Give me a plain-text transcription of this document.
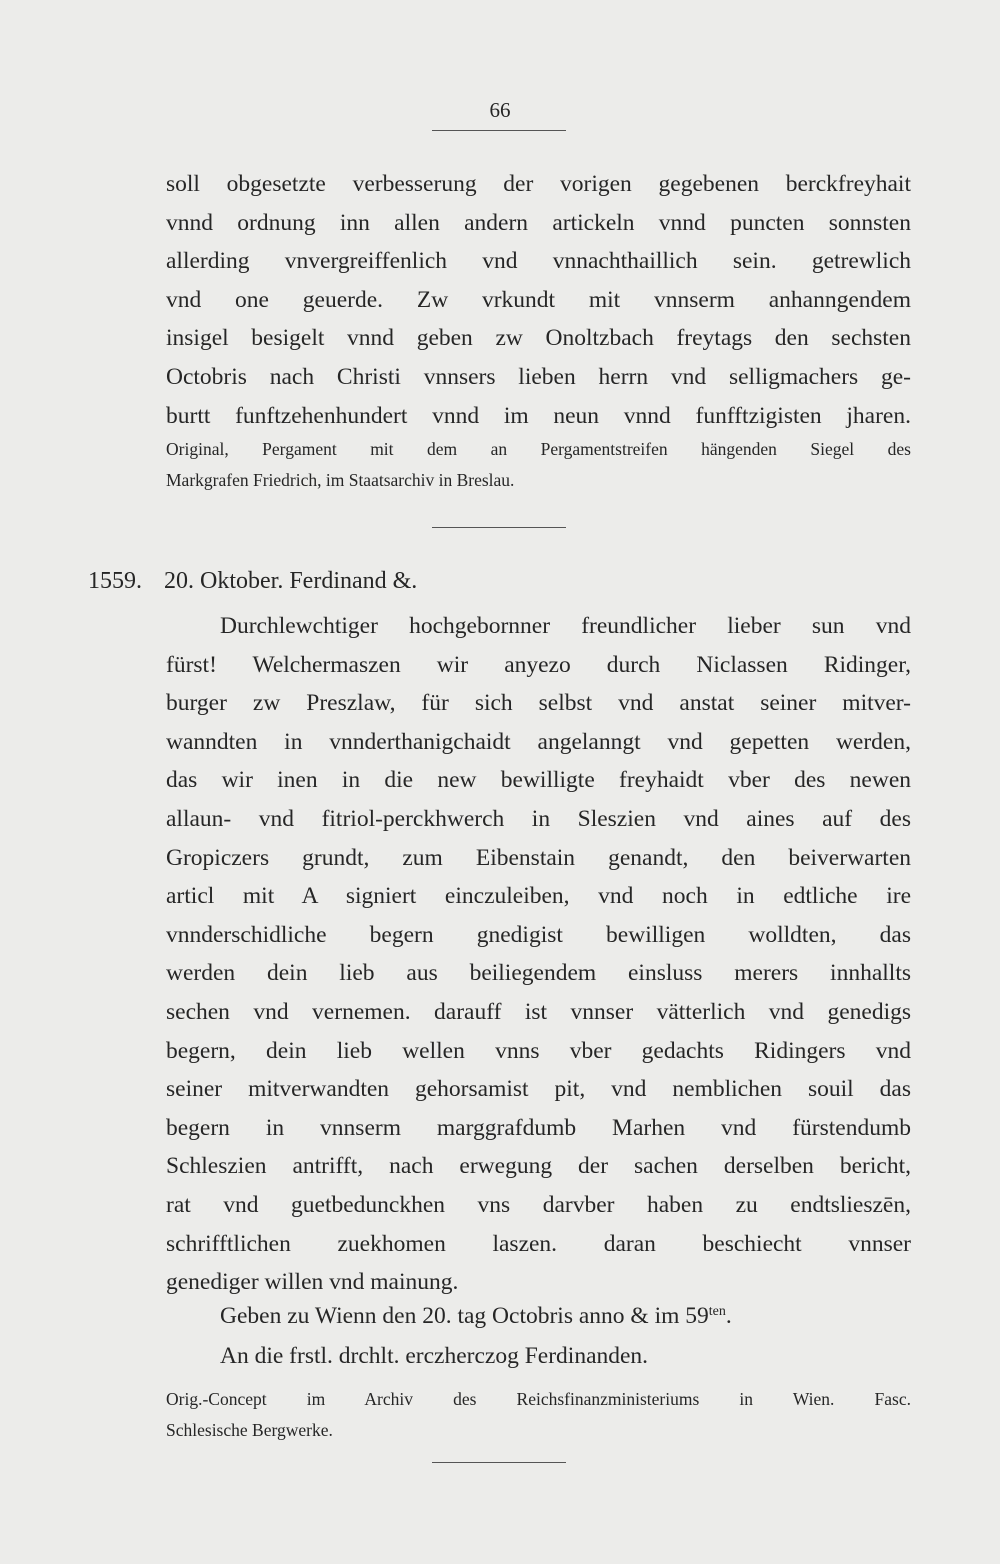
66
soll obgesetzte verbesserung der vorigen gegebenen berckfreyhait
vnnd ordnung inn allen andern artickeln vnnd puncten sonnsten
allerding vnvergreiffenlich vnd vnnachthaillich sein. getrewlich
vnd one geuerde. Zw vrkundt mit vnnserm anhanngendem
insigel besigelt vnnd geben zw Onoltzbach freytags den sechsten
Octobris nach Christi vnnsers lieben herrn vnd selligmachers ge-
burtt funftzehenhundert vnnd im neun vnnd funfftzigisten jharen.
Original, Pergament mit dem an Pergamentstreifen hängenden Siegel des
Markgrafen Friedrich, im Staatsarchiv in Breslau.
1559. 20. Oktober. Ferdinand &.
Durchlewchtiger hochgebornner freundlicher lieber sun vnd
fürst! Welchermaszen wir anyezo durch Niclassen Ridinger,
burger zw Preszlaw, für sich selbst vnd anstat seiner mitver-
wanndten in vnnderthanigchaidt angelanngt vnd gepetten werden,
das wir inen in die new bewilligte freyhaidt vber des newen
allaun- vnd fitriol-perckhwerch in Sleszien vnd aines auf des
Gropiczers grundt, zum Eibenstain genandt, den beiverwarten
articl mit A signiert einczuleiben, vnd noch in edtliche ire
vnnderschidliche begern gnedigist bewilligen wolldten, das
werden dein lieb aus beiliegendem einsluss merers innhallts
sechen vnd vernemen. darauff ist vnnser vätterlich vnd genedigs
begern, dein lieb wellen vnns vber gedachts Ridingers vnd
seiner mitverwandten gehorsamist pit, vnd nemblichen souil das
begern in vnnserm marggrafdumb Marhen vnd fürstendumb
Schleszien antrifft, nach erwegung der sachen derselben bericht,
rat vnd guetbedunckhen vns darvber haben zu endtslieszēn,
schrifftlichen zuekhomen laszen. daran beschiecht vnnser
genediger willen vnd mainung.
Geben zu Wienn den 20. tag Octobris anno & im $59^{ten}$.
An die frstl. drchlt. erczherczog Ferdinanden.
Orig.-Concept im Archiv des Reichsfinanzministeriums in Wien. Fasc.
Schlesische Bergwerke.
